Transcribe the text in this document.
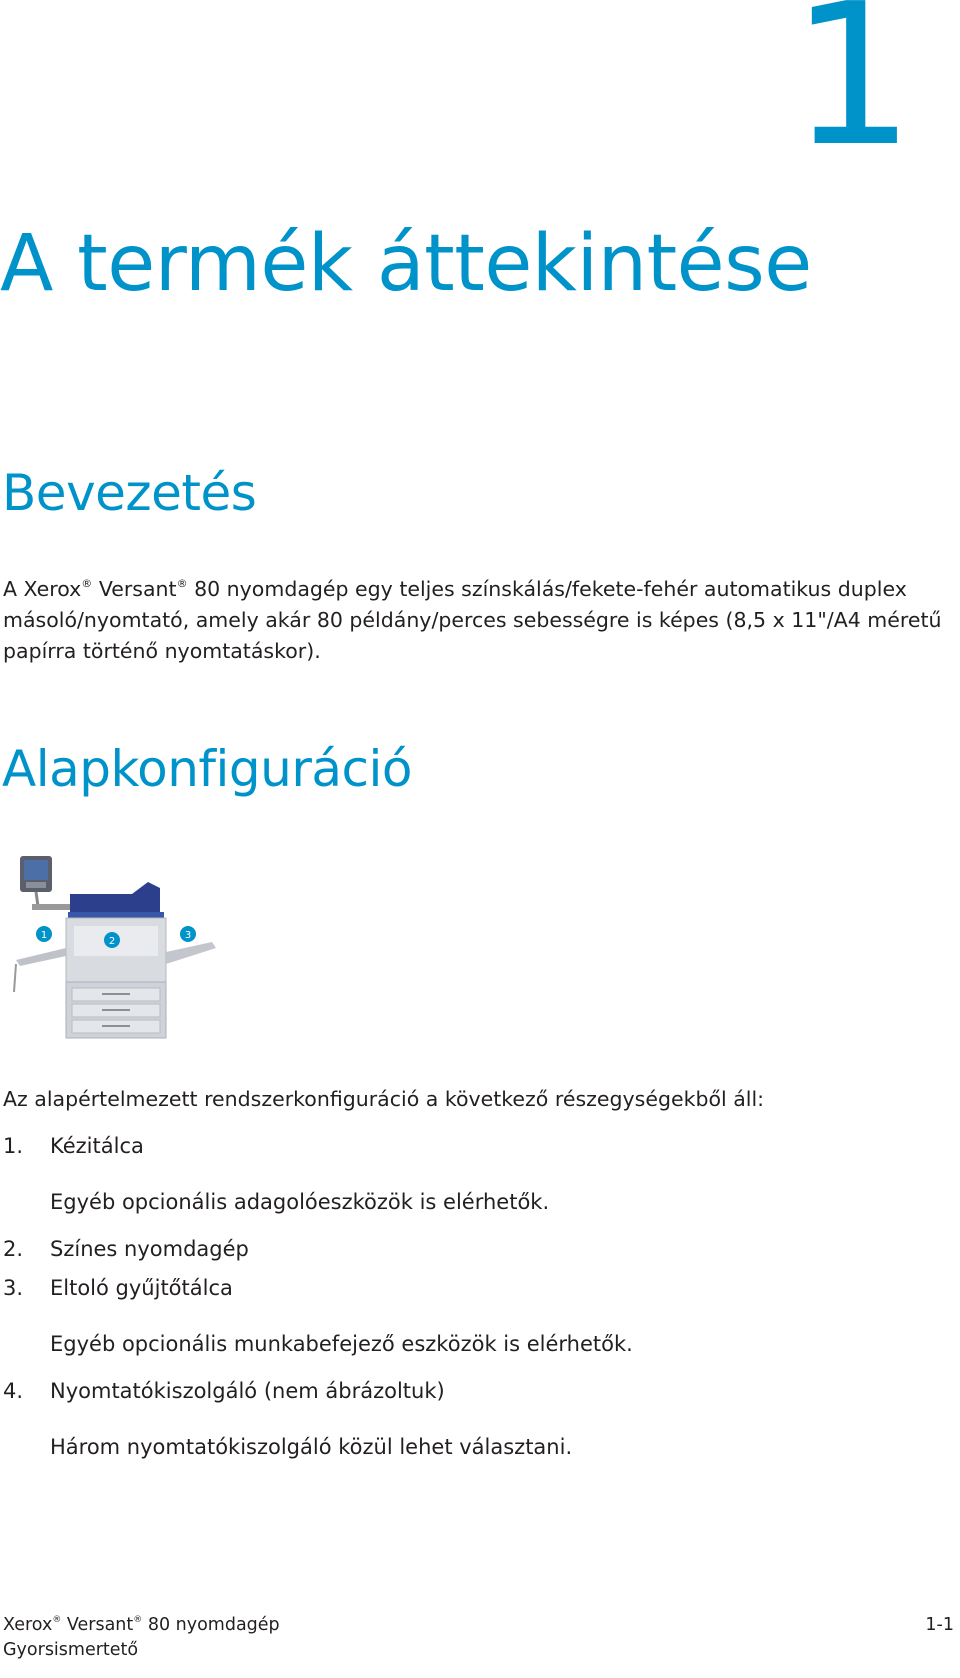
1
A termék áttekintése
Bevezetés

A Xerox® Versant® 80 nyomdagép egy teljes színskálás/fekete-fehér automatikus duplex másoló/nyomtató, amely akár 80 példány/perces sebességre is képes (8,5 x 11"/A4 méretű papírra történő nyomtatáskor).

Alapkonfiguráció
1
2
3

Az alapértelmezett rendszerkonfiguráció a következő részegységekből áll:

1. Kézitálca
Egyéb opcionális adagolóeszközök is elérhetők.
2. Színes nyomdagép
3. Eltoló gyűjtőtálca
Egyéb opcionális munkabefejező eszközök is elérhetők.
4. Nyomtatókiszolgáló (nem ábrázoltuk)
Három nyomtatókiszolgáló közül lehet választani.
Xerox® Versant® 80 nyomdagép
Gyorsismertető
1-1
